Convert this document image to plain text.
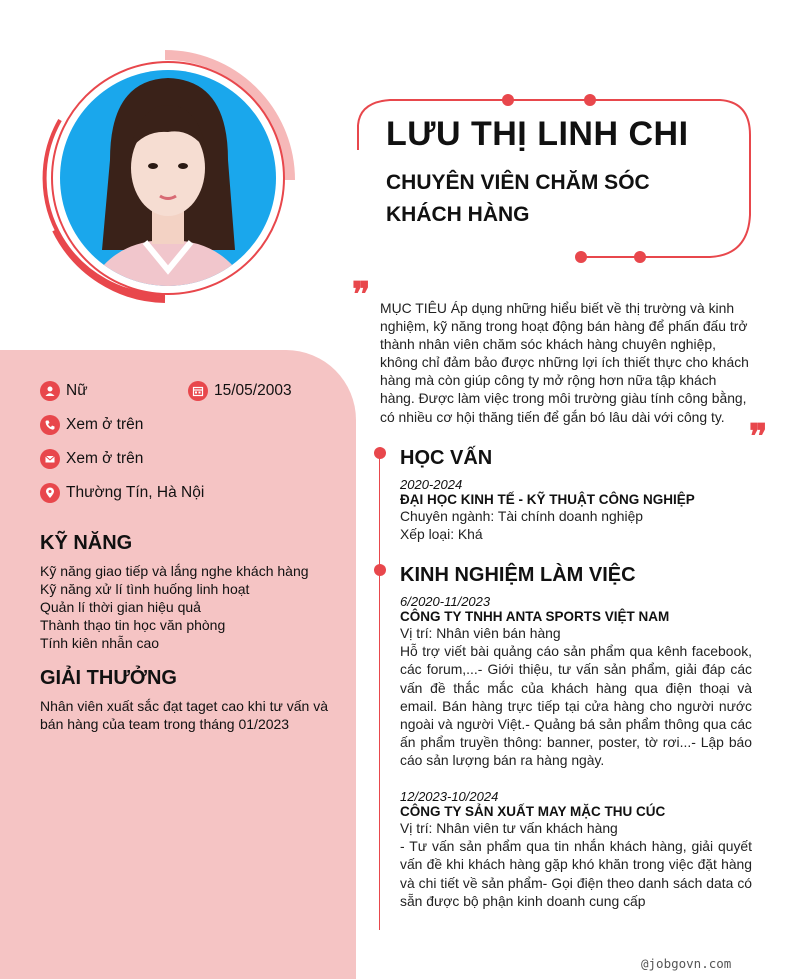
LƯU THỊ LINH CHI
CHUYÊN VIÊN CHĂM SÓC KHÁCH HÀNG
❞ MỤC TIÊU Áp dụng những hiểu biết về thị trường và kinh nghiệm, kỹ năng trong hoạt động bán hàng để phấn đấu trở thành nhân viên chăm sóc khách hàng chuyên nghiệp, không chỉ đảm bảo được những lợi ích thiết thực cho khách hàng mà còn giúp công ty mở rộng hơn nữa tập khách hàng. Được làm việc trong môi trường giàu tính công bằng, có nhiều cơ hội thăng tiến để gắn bó lâu dài với công ty.
❞
Nữ	15/05/2003
Xem ở trên
Xem ở trên
Thường Tín, Hà Nội
KỸ NĂNG
Kỹ năng giao tiếp và lắng nghe khách hàng
Kỹ năng xử lí tình huống linh hoạt
Quản lí thời gian hiệu quả
Thành thạo tin học văn phòng
Tính kiên nhẫn cao
GIẢI THƯỞNG
Nhân viên xuất sắc đạt taget cao khi tư vấn và bán hàng của team trong tháng 01/2023
HỌC VẤN
2020-2024
ĐẠI HỌC KINH TẾ - KỸ THUẬT CÔNG NGHIỆP
Chuyên ngành: Tài chính doanh nghiệp
Xếp loại: Khá
KINH NGHIỆM LÀM VIỆC
6/2020-11/2023
CÔNG TY TNHH ANTA SPORTS VIỆT NAM
Vị trí: Nhân viên bán hàng
Hỗ trợ viết bài quảng cáo sản phẩm qua kênh facebook, các forum,...- Giới thiệu, tư vấn sản phẩm, giải đáp các vấn đề thắc mắc của khách hàng qua điện thoại và email. Bán hàng trực tiếp tại cửa hàng cho người nước ngoài và người Việt.- Quảng bá sản phẩm thông qua các ấn phẩm truyền thông: banner, poster, tờ rơi...- Lập báo cáo sản lượng bán ra hàng ngày.
12/2023-10/2024
CÔNG TY SẢN XUẤT MAY MẶC THU CÚC
Vị trí: Nhân viên tư vấn khách hàng
- Tư vấn sản phẩm qua tin nhắn khách hàng, giải quyết vấn đề khi khách hàng gặp khó khăn trong việc đặt hàng và chi tiết về sản phẩm- Gọi điện theo danh sách data có sẵn được bộ phận kinh doanh cung cấp
@jobgovn.com
